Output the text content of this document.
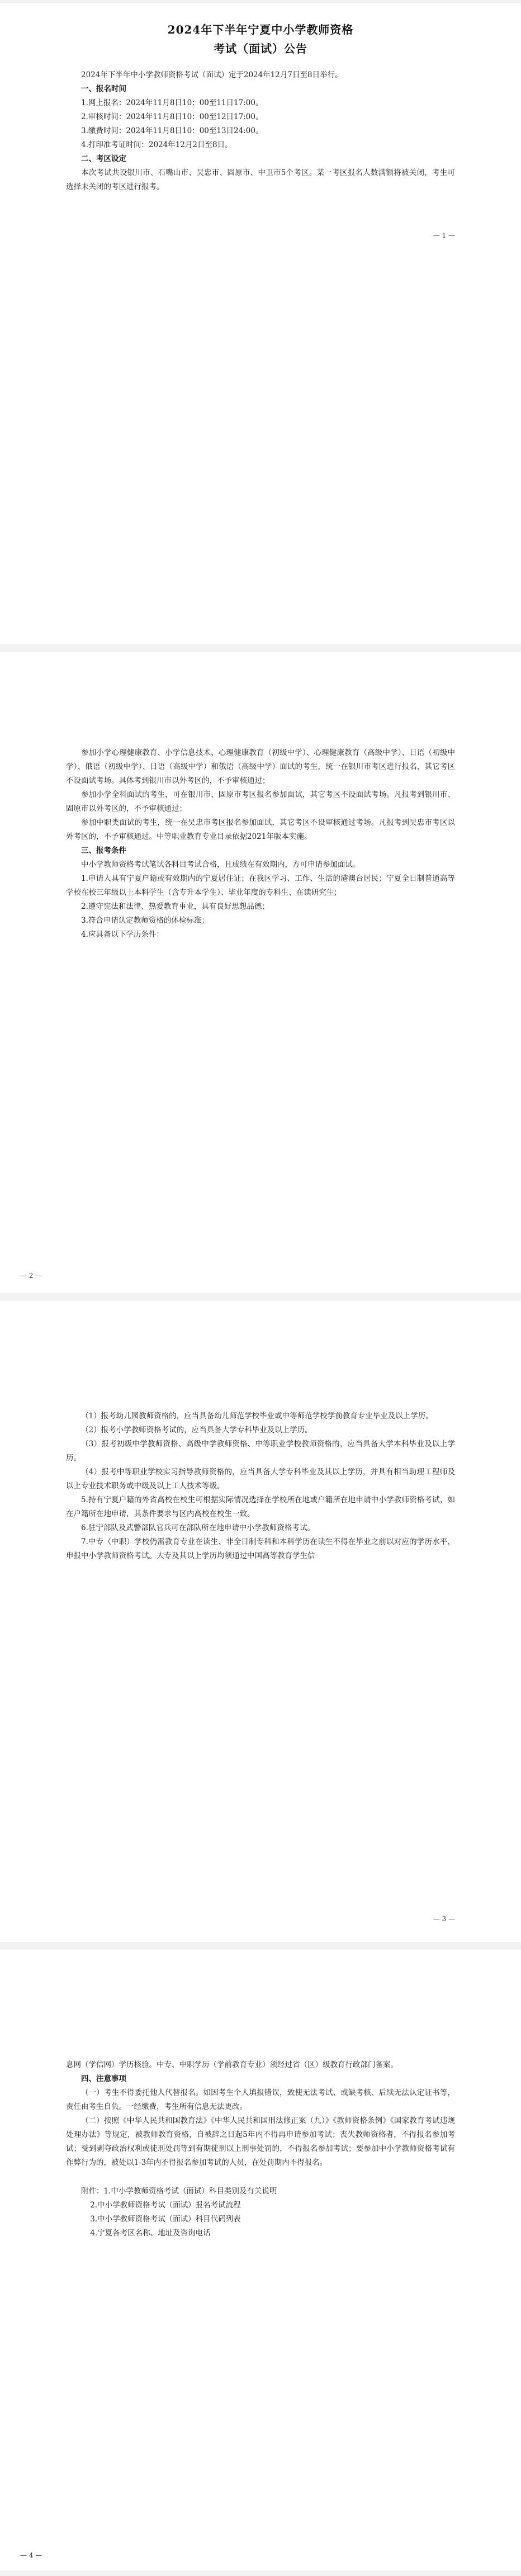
2024年下半年宁夏中小学教师资格
考试（面试）公告

2024年下半年中小学教师资格考试（面试）定于2024年12月7日至8日举行。

一、报名时间

1.网上报名：2024年11月8日10：00至11日17:00。

2.审核时间：2024年11月8日10：00至12日17:00。

3.缴费时间：2024年11月8日10：00至13日24:00。

4.打印准考证时间：2024年12月2日至8日。

二、考区设定

本次考试共设银川市、石嘴山市、吴忠市、固原市、中卫市5个考区。某一考区报名人数满额将被关闭，考生可选择未关闭的考区进行报考。

— 1 —

参加小学心理健康教育、小学信息技术、心理健康教育（初级中学）、心理健康教育（高级中学）、日语（初级中学）、俄语（初级中学）、日语（高级中学）和俄语（高级中学）面试的考生，统一在银川市考区进行报名，其它考区不设面试考场。具体考到银川市以外考区的，不予审核通过；

参加小学全科面试的考生，可在银川市、固原市考区报名参加面试，其它考区不设面试考场。凡报考到银川市、固原市以外考区的，不予审核通过；

参加中职类面试的考生，统一在吴忠市考区报名参加面试，其它考区不设审核通过考场。凡报考到吴忠市考区以外考区的，不予审核通过。中等职业教育专业目录依据2021年版本实施。

三、报考条件

中小学教师资格考试笔试各科目考试合格，且成绩在有效期内，方可申请参加面试。

1.申请人具有宁夏户籍或有效期内的宁夏居住证；在我区学习、工作、生活的港澳台居民；宁夏全日制普通高等学校在校三年级以上本科学生（含专升本学生）、毕业年度的专科生、在读研究生；

2.遵守宪法和法律、热爱教育事业，具有良好思想品德；

3.符合申请认定教师资格的体检标准；

4.应具备以下学历条件：

— 2 —

（1）报考幼儿园教师资格的，应当具备幼儿师范学校毕业或中等师范学校学前教育专业毕业及以上学历。

（2）报考小学教师资格考试的，应当具备大学专科毕业及以上学历。

（3）报考初级中学教师资格、高级中学教师资格、中等职业学校教师资格的，应当具备大学本科毕业及以上学历。

（4）报考中等职业学校实习指导教师资格的，应当具备大学专科毕业及其以上学历，并具有相当助理工程师及以上专业技术职务或中级及以上工人技术等级。

5.持有宁夏户籍的外省高校在校生可根据实际情况选择在学校所在地或户籍所在地申请中小学教师资格考试，如在户籍所在地申请，其条件要求与区内高校在校生一致。

6.驻宁部队及武警部队官兵可在部队所在地申请中小学教师资格考试。

7.中专（中职）学校仍需教育专业在读生、非全日制专科和本科学历在读生不得在毕业之前以对应的学历水平，申报中小学教师资格考试。大专及其以上学历均须通过中国高等教育学生信

— 3 —

息网（学信网）学历核验。中专、中职学历（学前教育专业）须经过省（区）级教育行政部门备案。

四、注意事项

（一）考生不得委托他人代替报名。如因考生个人填报错误，致使无法考试、或缺考核、后续无法认定证书等，责任由考生自负。一经缴费，考生所有信息无法更改。

（二）按照《中华人民共和国教育法》《中华人民共和国刑法修正案（九）》《教师资格条例》《国家教育考试违规处理办法》等规定，被教师教育资格，自被辞之日起5年内不得再申请参加考试；丧失教师资格者，不得报名参加考试；受到剥夺政治权利或徒刑处罚等到有期徒刑以上刑事处罚的，不得报名参加考试；要参加中小学教师资格考试有作弊行为的，被处以1-3年内不得报名参加考试的人员，在处罚期内不得报名。

附件：1.中小学教师资格考试（面试）科目类别及有关说明

2.中小学教师资格考试（面试）报名考试流程

3.中小学教师资格考试（面试）科目代码列表

4.宁夏各考区名称、地址及咨询电话

— 4 —
